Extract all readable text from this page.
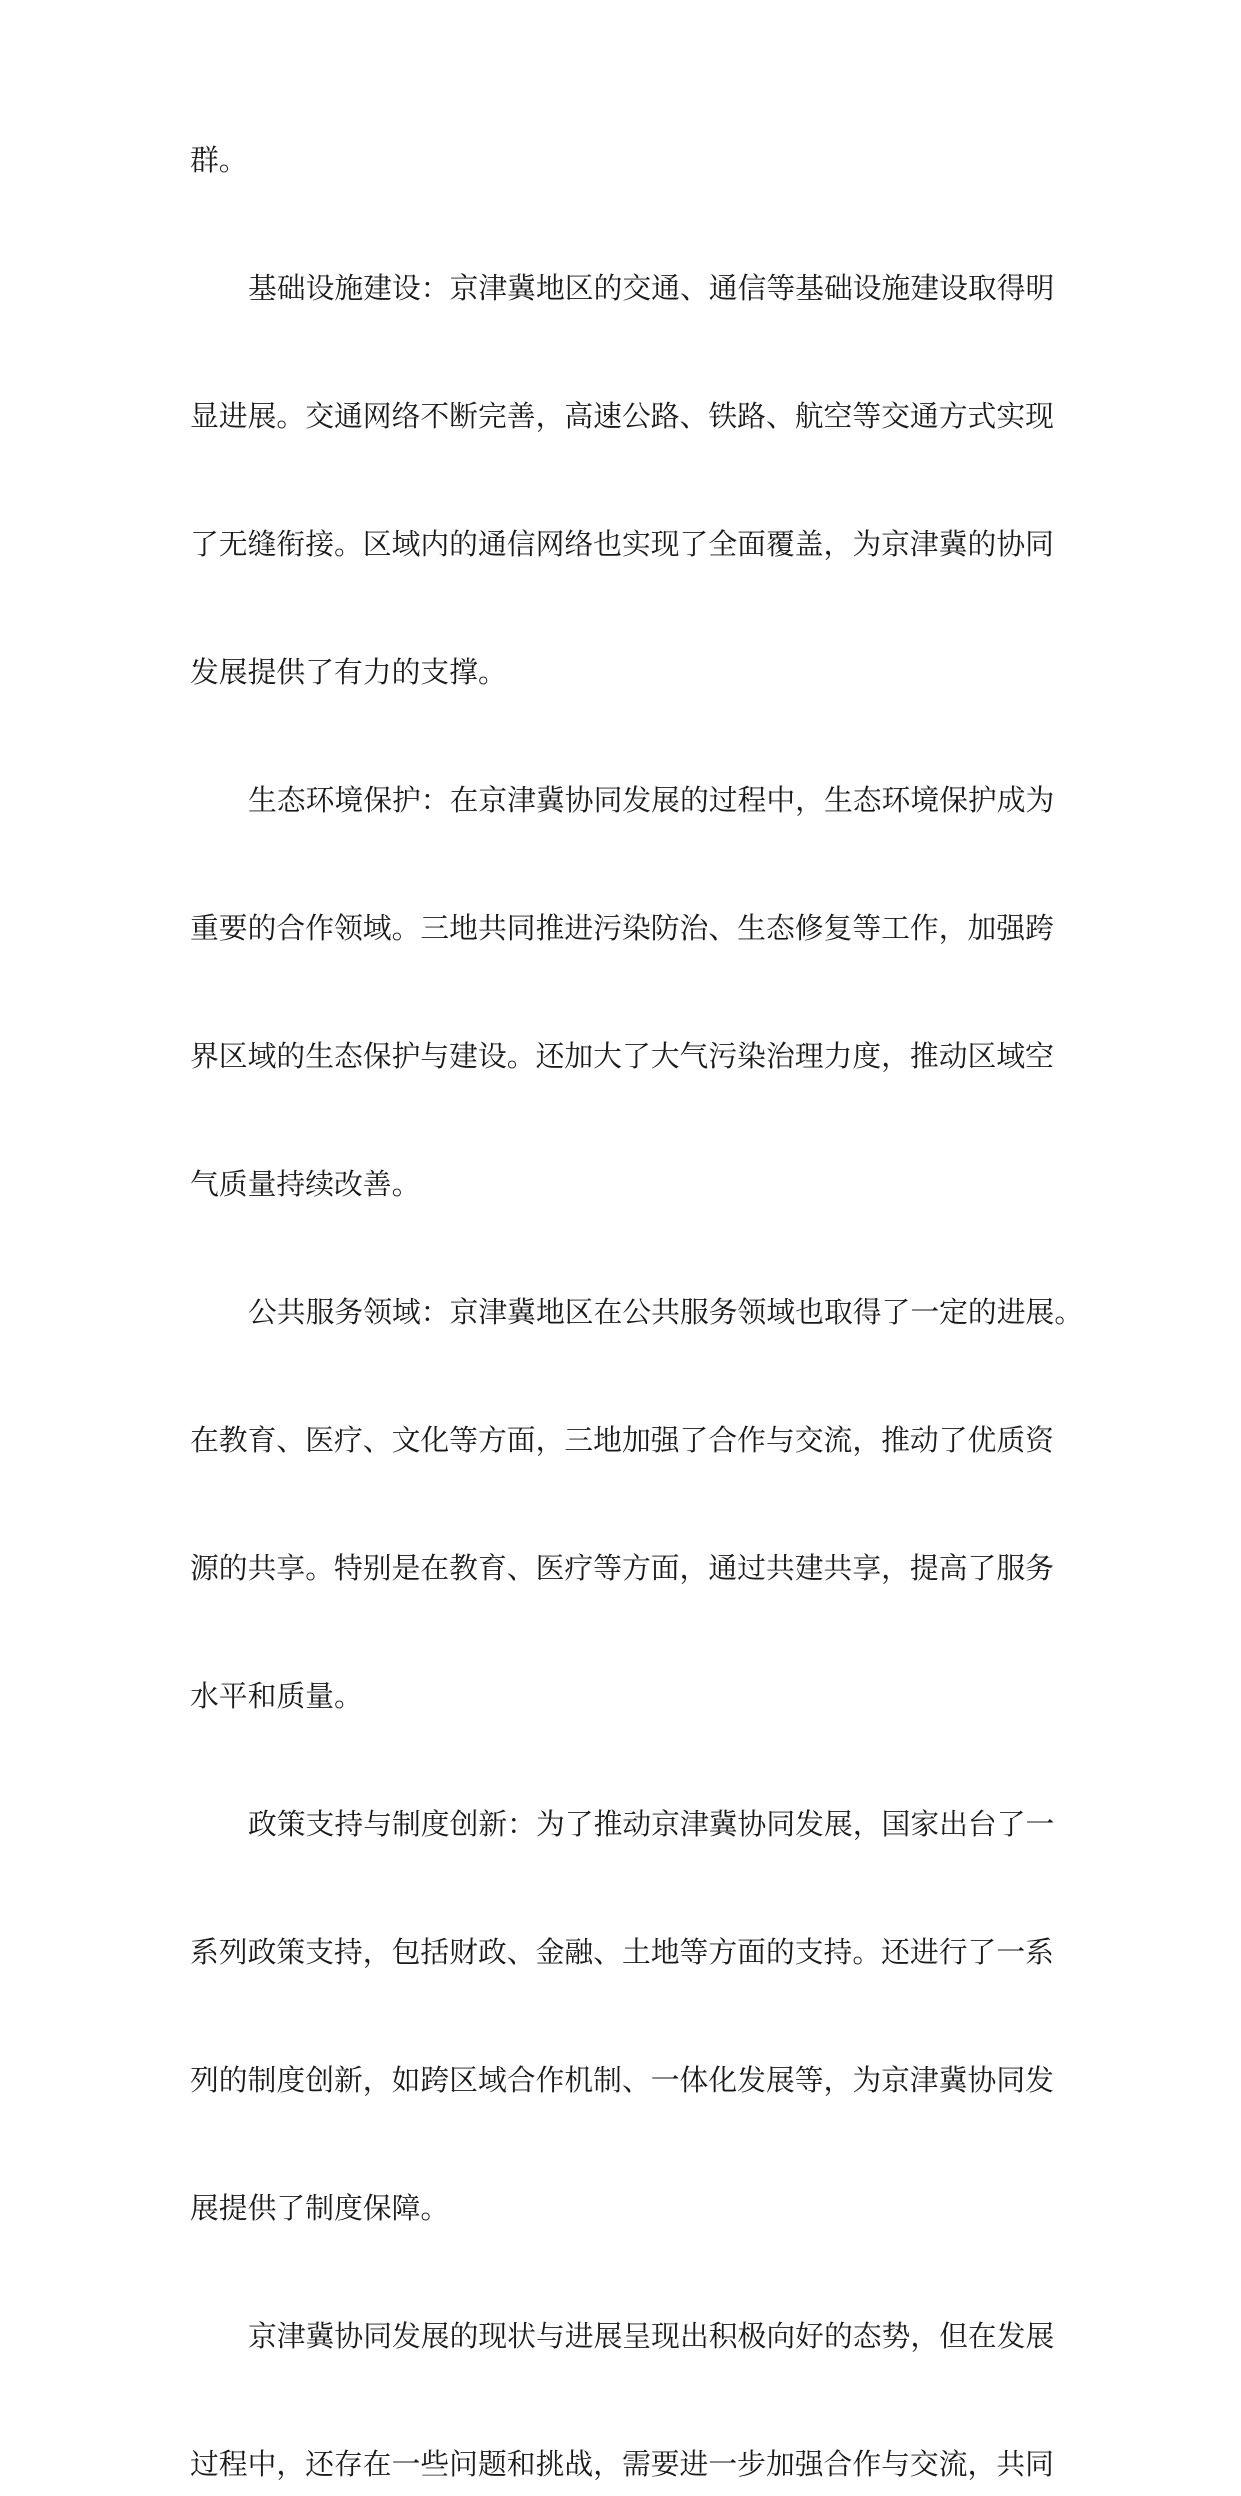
群。
基础设施建设：京津冀地区的交通、通信等基础设施建设取得明
显进展。交通网络不断完善，高速公路、铁路、航空等交通方式实现
了无缝衔接。区域内的通信网络也实现了全面覆盖，为京津冀的协同
发展提供了有力的支撑。
生态环境保护：在京津冀协同发展的过程中，生态环境保护成为
重要的合作领域。三地共同推进污染防治、生态修复等工作，加强跨
界区域的生态保护与建设。还加大了大气污染治理力度，推动区域空
气质量持续改善。
公共服务领域：京津冀地区在公共服务领域也取得了一定的进展。
在教育、医疗、文化等方面，三地加强了合作与交流，推动了优质资
源的共享。特别是在教育、医疗等方面，通过共建共享，提高了服务
水平和质量。
政策支持与制度创新：为了推动京津冀协同发展，国家出台了一
系列政策支持，包括财政、金融、土地等方面的支持。还进行了一系
列的制度创新，如跨区域合作机制、一体化发展等，为京津冀协同发
展提供了制度保障。
京津冀协同发展的现状与进展呈现出积极向好的态势，但在发展
过程中，还存在一些问题和挑战，需要进一步加强合作与交流，共同
